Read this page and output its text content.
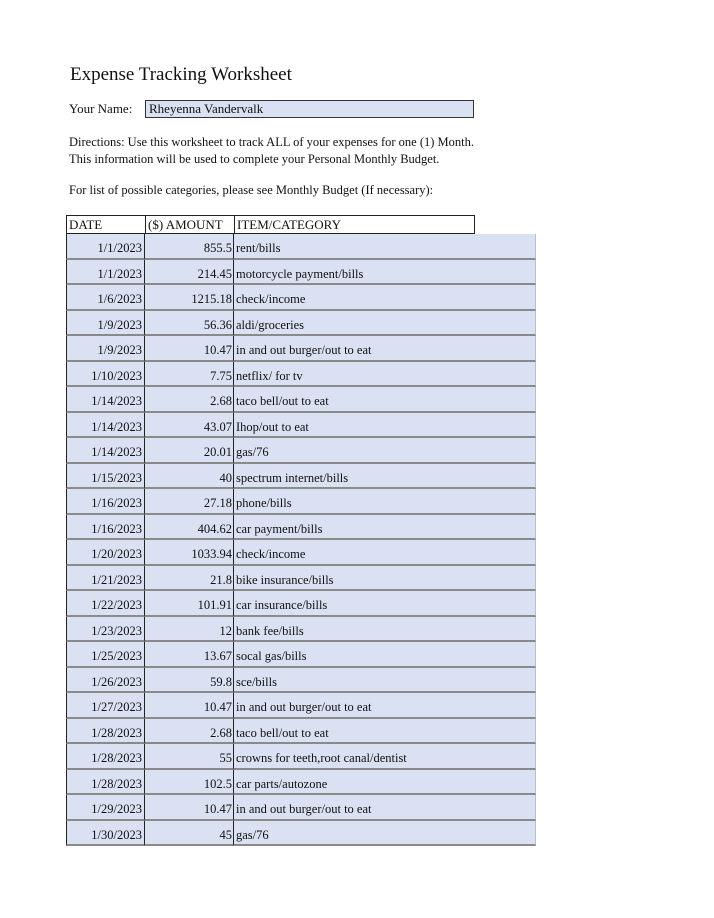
Expense Tracking Worksheet
Your Name:	Rheyenna Vandervalk
Directions: Use this worksheet to track ALL of your expenses for one (1) Month.
This information will be used to complete your Personal Monthly Budget.
For list of possible categories, please see Monthly Budget (If necessary):
DATE	($) AMOUNT	ITEM/CATEGORY
1/1/2023	855.5 rent/bills
1/1/2023	214.45 motorcycle payment/bills
1/6/2023	1215.18 check/income
1/9/2023	56.36 aldi/groceries
1/9/2023	10.47 in and out burger/out to eat
1/10/2023	7.75 netflix/ for tv
1/14/2023	2.68 taco bell/out to eat
1/14/2023	43.07 Ihop/out to eat
1/14/2023	20.01 gas/76
1/15/2023	40 spectrum internet/bills
1/16/2023	27.18 phone/bills
1/16/2023	404.62 car payment/bills
1/20/2023	1033.94 check/income
1/21/2023	21.8 bike insurance/bills
1/22/2023	101.91 car insurance/bills
1/23/2023	12 bank fee/bills
1/25/2023	13.67 socal gas/bills
1/26/2023	59.8 sce/bills
1/27/2023	10.47 in and out burger/out to eat
1/28/2023	2.68 taco bell/out to eat
1/28/2023	55 crowns for teeth,root canal/dentist
1/28/2023	102.5 car parts/autozone
1/29/2023	10.47 in and out burger/out to eat
1/30/2023	45 gas/76
